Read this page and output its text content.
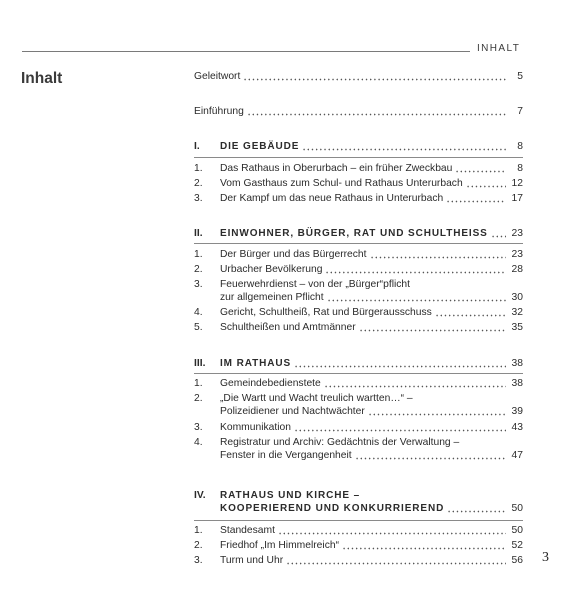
INHALT
Inhalt
3
Geleitwort	5
Einführung	7
I.	DIE GEBÄUDE	8
1.	Das Rathaus in Oberurbach – ein früher Zweckbau	8
2.	Vom Gasthaus zum Schul- und Rathaus Unterurbach	12
3.	Der Kampf um das neue Rathaus in Unterurbach	17
II.	EINWOHNER, BÜRGER, RAT UND SCHULTHEISS 23
1.	Der Bürger und das Bürgerrecht	23
2.	Urbacher Bevölkerung	28
3.	Feuerwehrdienst – von der „Bürger“pflicht
zur allgemeinen Pflicht	30
4.	Gericht, Schultheiß, Rat und Bürgerausschuss	32
5.	Schultheißen und Amtmänner	35
III.	IM RATHAUS	38
1.	Gemeindebedienstete	38
2.	„Die Wartt und Wacht treulich wartten…“ –
Polizeidiener und Nachtwächter	39
3.	Kommunikation	43
4.	Registratur und Archiv: Gedächtnis der Verwaltung –
Fenster in die Vergangenheit	47
IV.	RATHAUS UND KIRCHE –
KOOPERIEREND UND KONKURRIEREND	50
1.	Standesamt	50
2.	Friedhof „Im Himmelreich“	52
3.	Turm und Uhr	56
